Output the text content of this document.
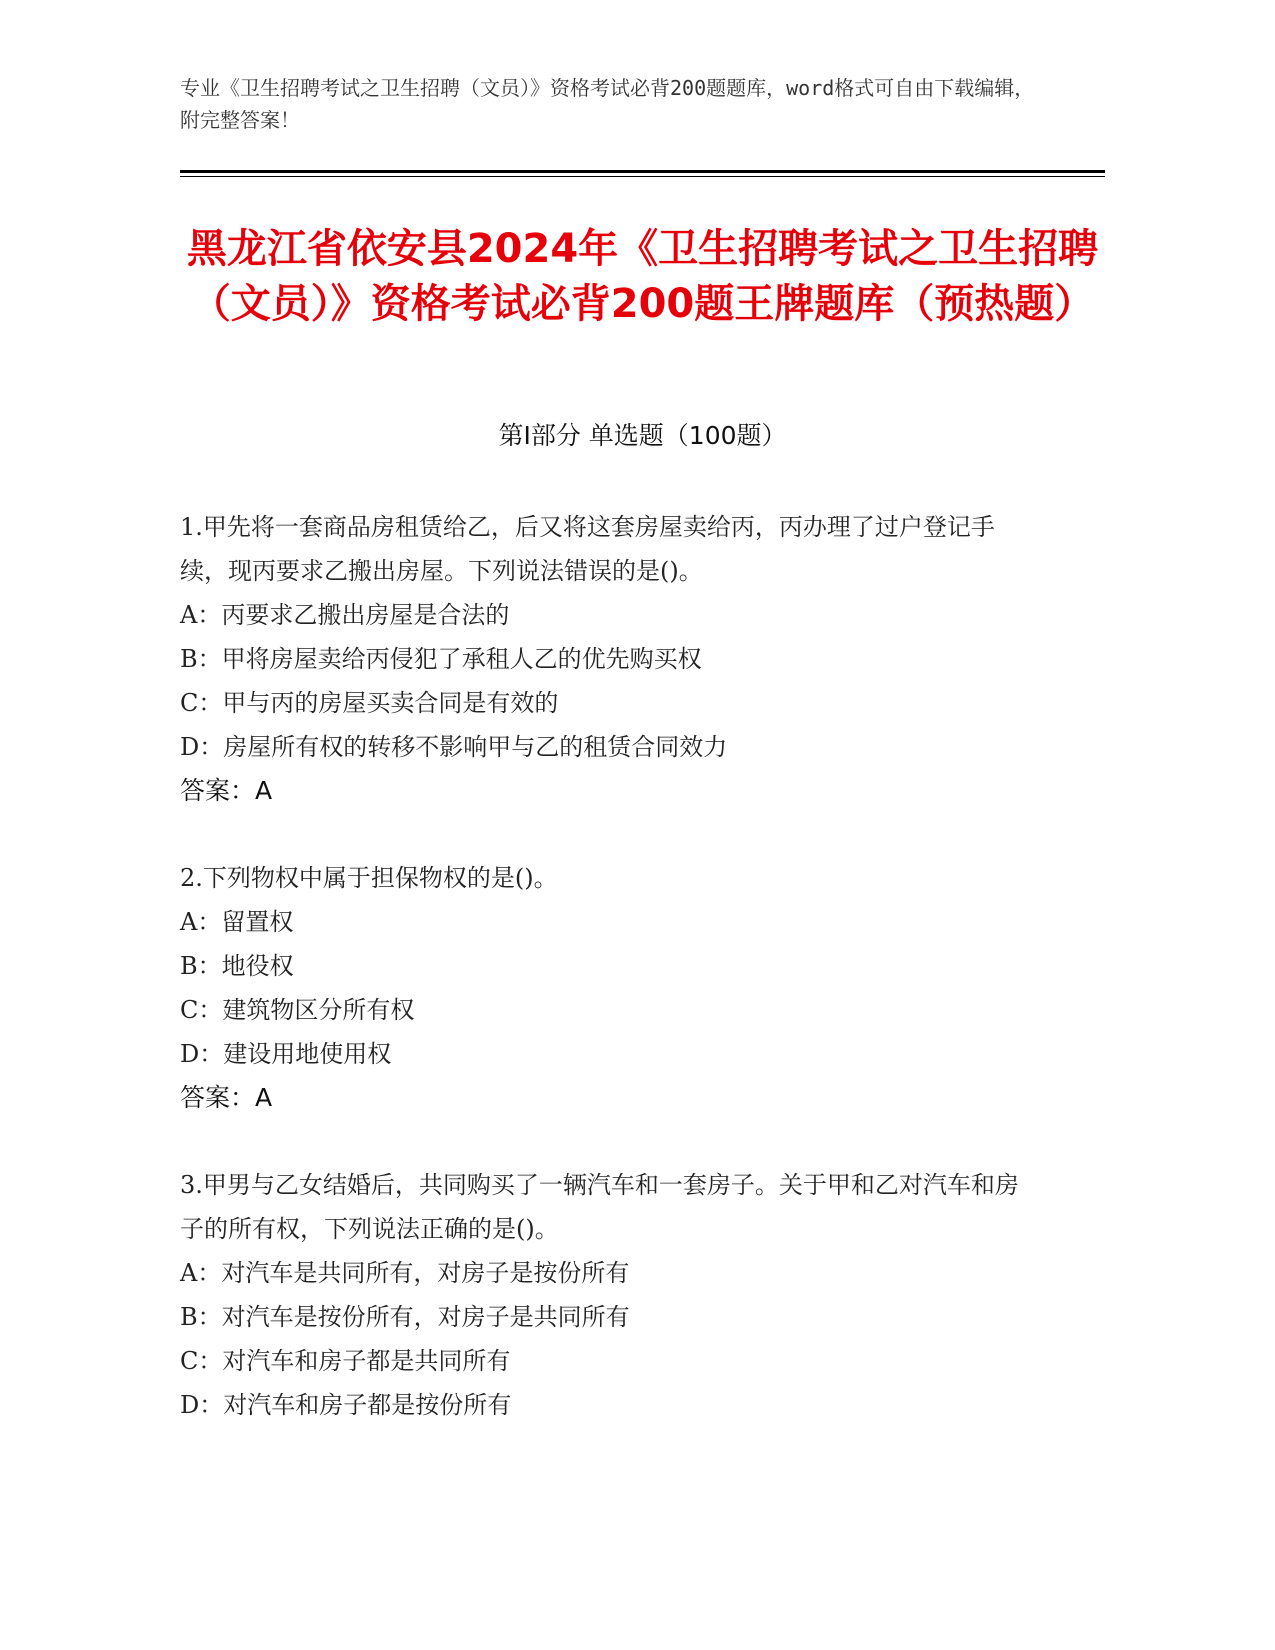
专业《卫生招聘考试之卫生招聘（文员）》资格考试必背200题题库，word格式可自由下载编辑，附完整答案！
黑龙江省依安县2024年《卫生招聘考试之卫生招聘（文员）》资格考试必背200题王牌题库（预热题）
第I部分 单选题（100题）

1.甲先将一套商品房租赁给乙，后又将这套房屋卖给丙，丙办理了过户登记手续，现丙要求乙搬出房屋。下列说法错误的是()。

A：丙要求乙搬出房屋是合法的

B：甲将房屋卖给丙侵犯了承租人乙的优先购买权

C：甲与丙的房屋买卖合同是有效的

D：房屋所有权的转移不影响甲与乙的租赁合同效力

答案：A

2.下列物权中属于担保物权的是()。

A：留置权

B：地役权

C：建筑物区分所有权

D：建设用地使用权

答案：A

3.甲男与乙女结婚后，共同购买了一辆汽车和一套房子。关于甲和乙对汽车和房子的所有权，下列说法正确的是()。

A：对汽车是共同所有，对房子是按份所有

B：对汽车是按份所有，对房子是共同所有

C：对汽车和房子都是共同所有

D：对汽车和房子都是按份所有
